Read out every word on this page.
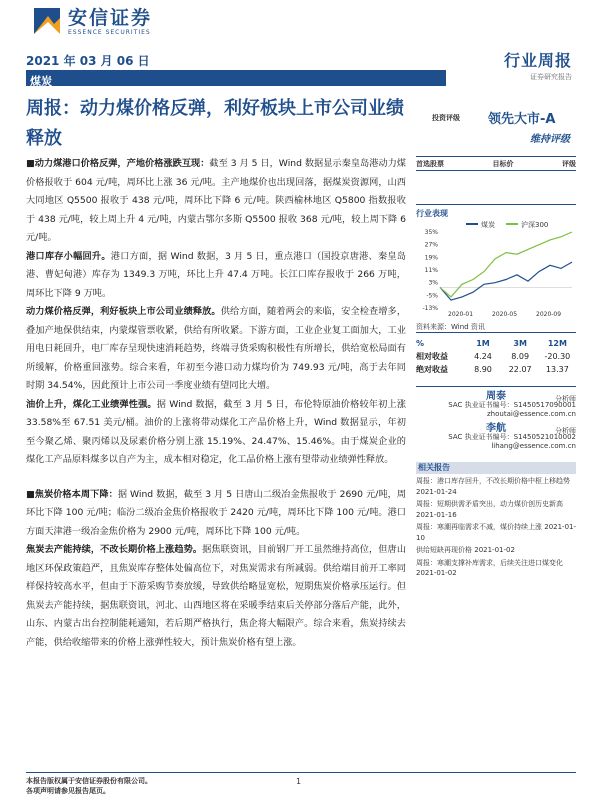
安信证券
ESSENCE SECURITIES
2021 年 03 月 06 日	行业周报
证券研究报告
煤炭
周报：动力煤价格反弹，利好板块上市公司业绩释放
投资评级 领先大市-A
维持评级
首选股票	目标价	评级
■动力煤港口价格反弹，产地价格涨跌互现：截至 3 月 5 日，Wind 数据显示秦皇岛港动力煤价格报收于 604 元/吨，周环比上涨 36 元/吨。主产地煤价也出现回落，据煤炭资源网，山西大同地区 Q5500 报收于 438 元/吨，周环比下降 6 元/吨。陕西榆林地区 Q5800 指数报收于 438 元/吨，较上周上升 4 元/吨，内蒙古鄂尔多斯 Q5500 报收 368 元/吨，较上周下降 6 元/吨。
港口库存小幅回升。港口方面，据 Wind 数据，3 月 5 日，重点港口（国投京唐港、秦皇岛港、曹妃甸港）库存为 1349.3 万吨，环比上升 47.4 万吨。长江口库存报收于 266 万吨，周环比下降 9 万吨。
动力煤价格反弹，利好板块上市公司业绩释放。供给方面，随着两会的来临，安全检查增多，叠加产地保供结束，内蒙煤管票收紧，供给有所收紧。下游方面，工业企业复工面加大，工业用电日耗回升，电厂库存呈现快速消耗趋势，终端寻货采购积极性有所增长，供给宽松局面有所缓解，价格重回涨势。综合来看，年初至今港口动力煤均价为 749.93 元/吨，高于去年同时期 34.54%，因此预计上市公司一季度业绩有望同比大增。
油价上升，煤化工业绩弹性强。据 Wind 数据，截至 3 月 5 日，布伦特原油价格较年初上涨 33.58%至 67.51 美元/桶。油价的上涨将带动煤化工产品价格上升，Wind 数据显示，年初至今聚乙烯、聚丙烯以及尿素价格分别上涨 15.19%、24.47%、15.46%。由于煤炭企业的煤化工产品原料煤多以自产为主，成本相对稳定，化工品价格上涨有望带动业绩弹性释放。
■焦炭价格本周下降：据 Wind 数据，截至 3 月 5 日唐山二级冶金焦报收于 2690 元/吨，周环比下降 100 元/吨；临汾二级冶金焦价格报收于 2420 元/吨，周环比下降 100 元/吨。港口方面天津港一级冶金焦价格为 2900 元/吨，周环比下降 100 元/吨。
焦炭去产能持续，不改长期价格上涨趋势。据焦联资讯，目前钢厂开工虽然维持高位，但唐山地区环保政策趋严，且焦炭库存整体处偏高位下，对焦炭需求有所减弱。供给端目前开工率同样保持较高水平，但由于下游采购节奏放缓，导致供给略显宽松，短期焦炭价格承压运行。但焦炭去产能持续，据焦联资讯，河北、山西地区将在采暖季结束后关停部分落后产能，此外，山东、内蒙古出台控制能耗通知，若后期严格执行，焦企将大幅限产。综合来看，焦炭持续去产能，供给收缩带来的价格上涨弹性较大，预计焦炭价格有望上涨。
行业表现
煤炭	沪深300
35%
27%
19%
11%
3%
-5%
-13%
2020-01	2020-05	2020-09
资料来源：Wind 资讯
%	1M	3M	12M
相对收益	4.24	8.09	-20.30
绝对收益	8.90	22.07	13.37
周泰	分析师
SAC 执业证书编号：S1450517090001
zhoutai@essence.com.cn
李航	分析师
SAC 执业证书编号：S1450521010002
lihang@essence.com.cn
相关报告
周报：港口库存回升，不改长期价格中枢上移趋势 2021-01-24
周报：短期供需矛盾突出，动力煤价创历史新高 2021-01-16
周报：寒潮再临需求不减，煤价持续上涨 2021-01-10
供给短缺再现价格 2021-01-02
周报：寒潮支撑补库需求，后续关注进口煤变化 2021-01-02
本报告版权属于安信证券股份有限公司。
各项声明请参见报告尾页。
1
